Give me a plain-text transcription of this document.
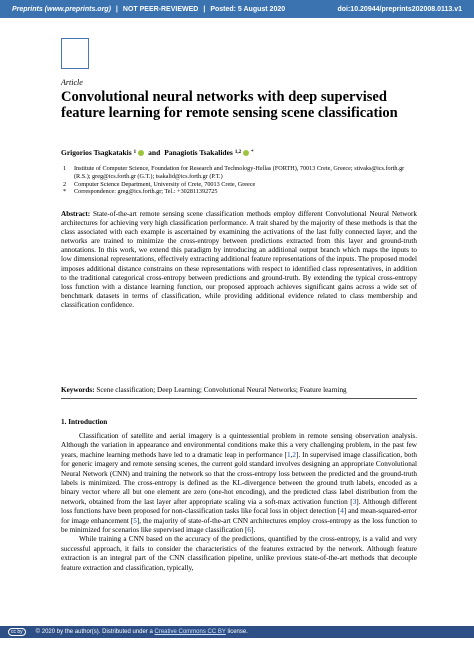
Preprints (www.preprints.org) | NOT PEER-REVIEWED | Posted: 5 August 2020	doi:10.20944/preprints202008.0113.v1
Article
Convolutional neural networks with deep supervised feature learning for remote sensing scene classification
Grigorios Tsagkatakis 1 and Panagiotis Tsakalides 1,2 *
1	Institute of Computer Science, Foundation for Research and Technology-Hellas (FORTH), 70013 Crete, Greece; stivaks@ics.forth.gr (R.S.); greg@ics.forth.gr (G.T.); tsakalid@ics.forth.gr (P.T.)
2	Computer Science Department, University of Crete, 70013 Crete, Greece
*	Correspondence: greg@ics.forth.gr; Tel.: +302811392725
Abstract: State-of-the-art remote sensing scene classification methods employ different Convolutional Neural Network architectures for achieving very high classification performance. A trait shared by the majority of these methods is that the class associated with each example is ascertained by examining the activations of the last fully connected layer, and the networks are trained to minimize the cross-entropy between predictions extracted from this layer and ground-truth annotations. In this work, we extend this paradigm by introducing an additional output branch which maps the inputs to low dimensional representations, effectively extracting additional feature representations of the inputs. The proposed model imposes additional distance constrains on these representations with respect to identified class representatives, in addition to the traditional categorical cross-entropy between predictions and ground-truth. By extending the typical cross-entropy loss function with a distance learning function, our proposed approach achieves significant gains across a wide set of benchmark datasets in terms of classification, while providing additional evidence related to class membership and classification confidence.
Keywords: Scene classification; Deep Learning; Convolutional Neural Networks; Feature learning
1. Introduction

Classification of satellite and aerial imagery is a quintessential problem in remote sensing observation analysis. Although the variation in appearance and environmental conditions make this a very challenging problem, in the past few years, machine learning methods have led to a dramatic leap in performance [1,2]. In supervised image classification, both for generic imagery and remote sensing scenes, the current gold standard involves designing an appropriate Convolutional Neural Network (CNN) and training the network so that the cross-entropy loss between the predicted and the ground-truth labels is minimized. The cross-entropy is defined as the KL-divergence between the ground truth labels, encoded as a binary vector where all but one element are zero (one-hot encoding), and the predicted class label distribution from the network, obtained from the last layer after appropriate scaling via a soft-max activation function [3]. Although different loss functions have been proposed for non-classification tasks like focal loss in object detection [4] and mean-squared-error for image enhancement [5], the majority of state-of-the-art CNN architectures employ cross-entropy as the loss function to be minimized for scenarios like supervised image classification [6].

While training a CNN based on the accuracy of the predictions, quantified by the cross-entropy, is a valid and very successful approach, it fails to consider the characteristics of the features extracted by the network. Although feature extraction is an integral part of the CNN classification pipeline, unlike previous state-of-the-art methods that decouple feature extraction and classification, typically,

cc by	© 2020 by the author(s). Distributed under a
Creative Commons CC BY
license.
